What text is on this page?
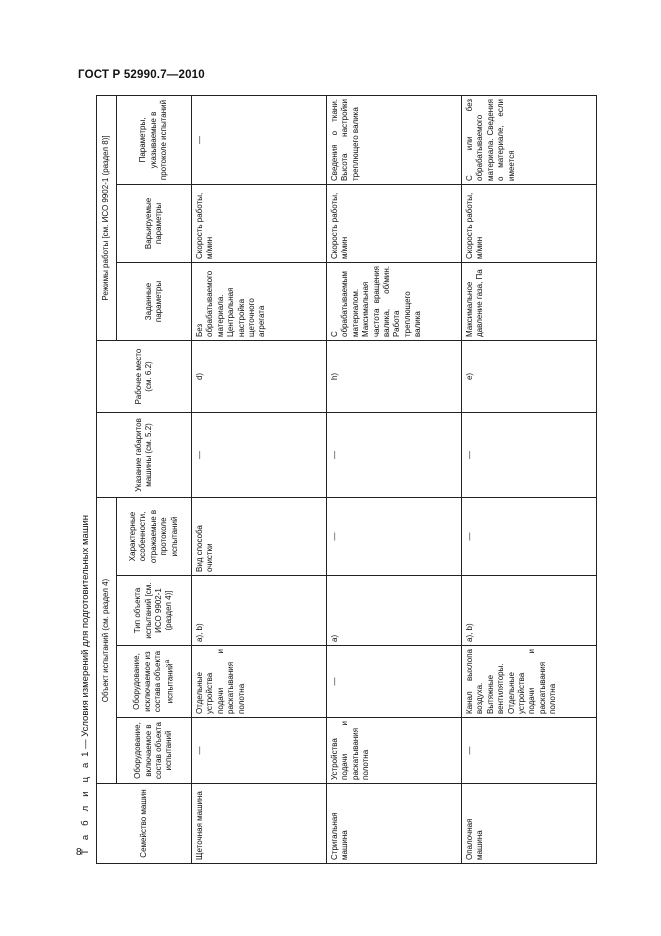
ГОСТ Р 52990.7—2010
Т а б л и ц а 1 — Условия измерений для подготовительных машин
Семейство машин	Объект испытаний (см. раздел 4)				Указание габаритов машины (см. 5.2)	Рабочее место (см. 6.2)	Режимы работы [см. ИСО 9902-1 (раздел 8)]		
	Оборудование, включаемое в состав объекта испытаний	Оборудование, исключаемое из состава объекта испытаний$^а$	Тип объекта испытаний [см. ИСО 9902-1 (раздел 4)]	Характерные особенности, отражаемые в протоколе испытаний			Заданные параметры	Варьируемые параметры	Параметры, указываемые в протоколе испытаний
Щеточная машина	—	Отдельные устройства подачи и раскатывания полотна	а), b)	Вид способа очистки	—	d)	Без обрабатываемого материала. Центральная настройка щеточного агрегата	Скорость работы, м/мин	—
Стригальная машина	Устройства подачи и раскатывания полотна	—	а)	—	—	h)	С обрабатываемым материалом. Максимальная частота вращения валика, об/мин. Работа треплющего валика	Скорость работы, м/мин	Сведения о ткани. Высота настройки треплющего валика
Опалочная машина	—	Канал выхлопа воздуха. Вытяжные вентиляторы. Отдельные устройства подачи и раскатывания полотна	а), b)	—	—	е)	Максимальное давление газа, Па	Скорость работы, м/мин	С или без обрабатываемого материала. Сведения о материале, если имеется
8
